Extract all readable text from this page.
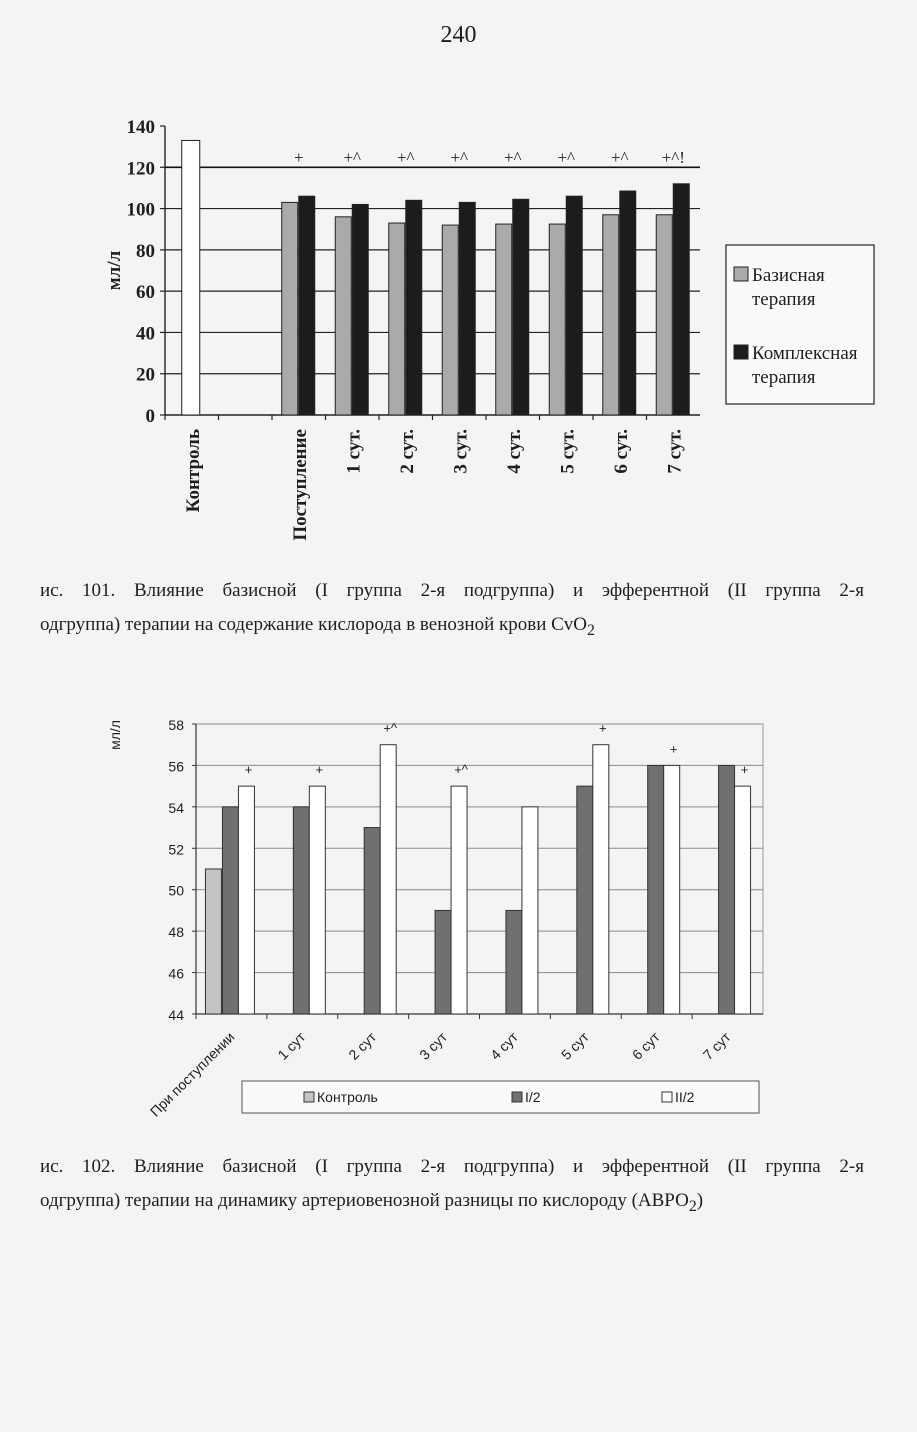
240
0
20
40
60
80
100
120
140
мл/л
Контроль	Поступление 1 сут. 2 сут. 3 сут. 4 сут. 5 сут. 6 сут. 7 сут.
+ +^ +^ +^ +^ +^ +^ +^!
Базисная
терапия
Комплексная
терапия
ис. 101. Влияние базисной (I группа 2-я подгруппа) и эфферентной (II группа 2-я
одгруппа) терапии на содержание кислорода в венозной крови CvO$_2$
44
46
48
50
52
54
56
58
мл/л
При поступлении	1 сут	2 сут	3 сут	4 сут	5 сут	6 сут	7 сут
+	+
+^
+^
+
+
+
Контроль	I/2	II/2
ис. 102. Влияние базисной (I группа 2-я подгруппа) и эфферентной (II группа 2-я
одгруппа) терапии на динамику артериовенозной разницы по кислороду $(АВРО_2)$
